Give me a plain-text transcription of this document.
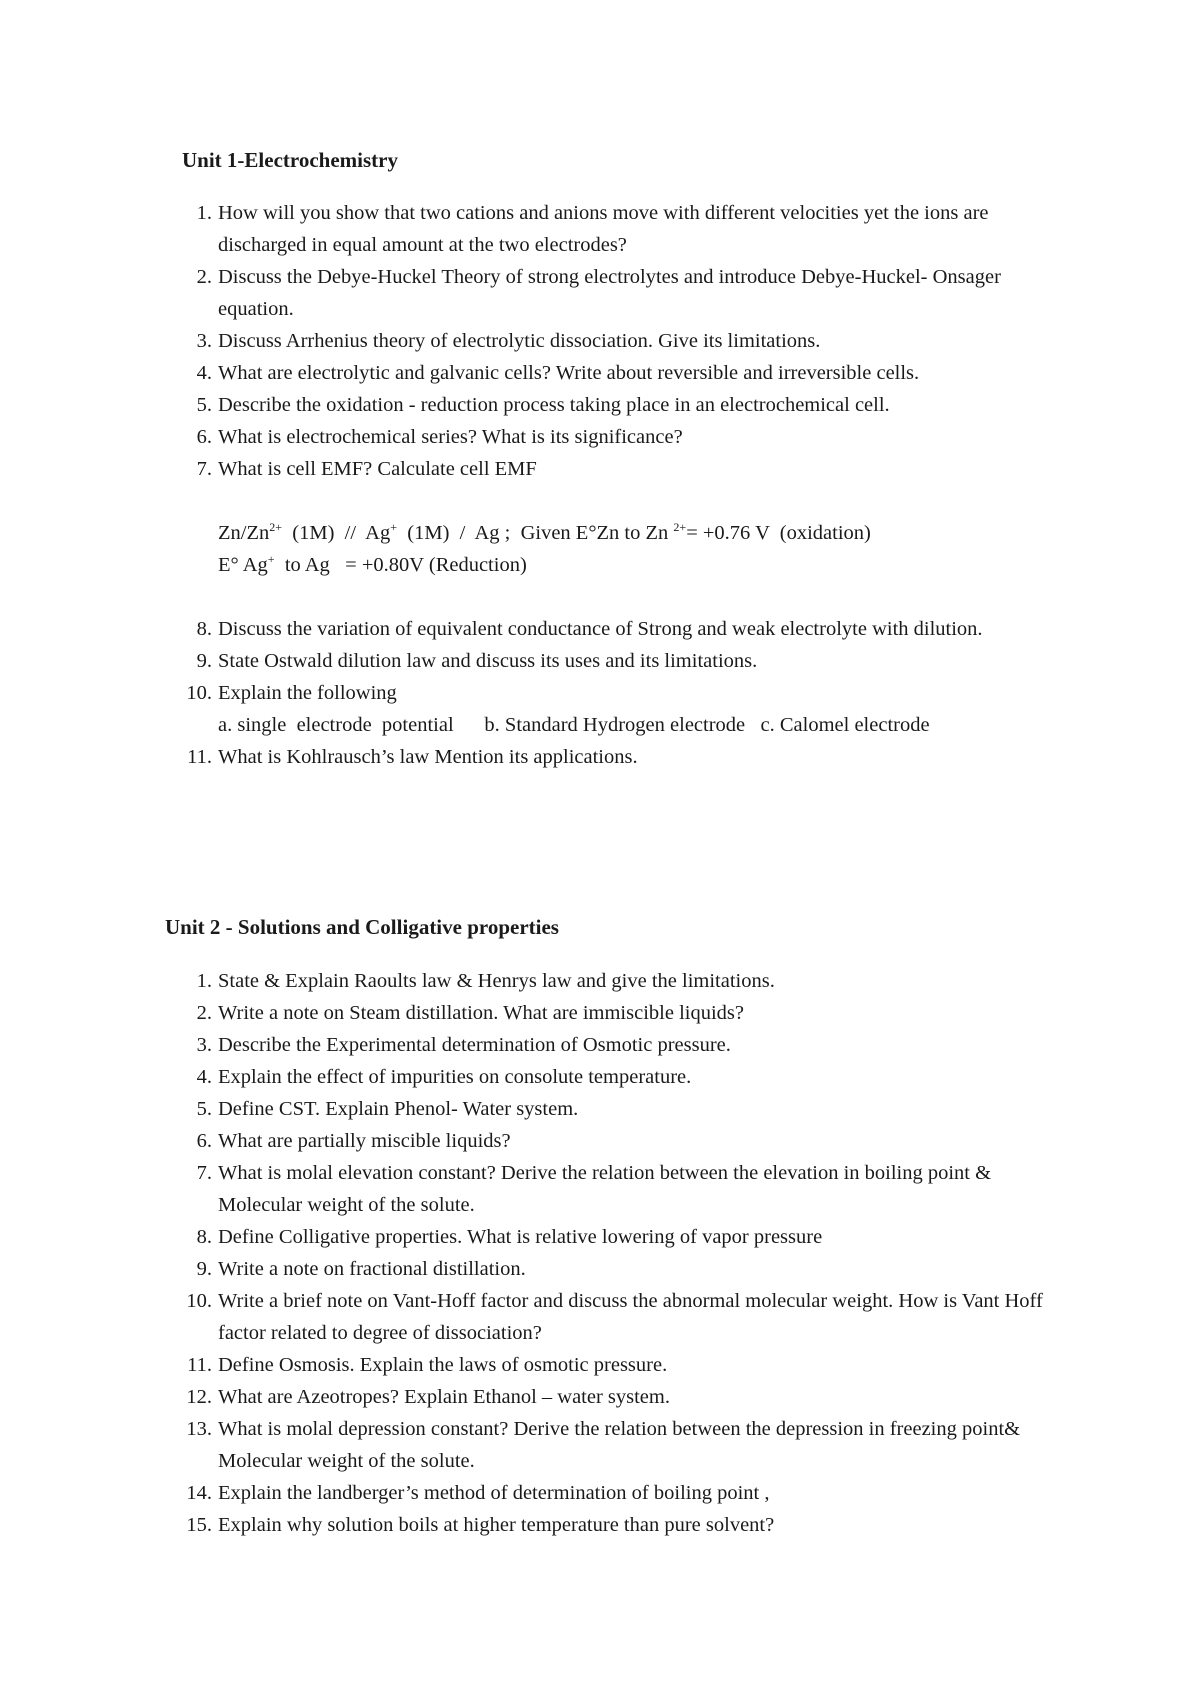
Unit 1-Electrochemistry
1. How will you show that two cations and anions move with different velocities yet the ions are discharged in equal amount at the two electrodes?
2. Discuss the Debye-Huckel Theory of strong electrolytes and introduce Debye-Huckel- Onsager equation.
3. Discuss Arrhenius theory of electrolytic dissociation. Give its limitations.
4. What are electrolytic and galvanic cells? Write about reversible and irreversible cells.
5. Describe the oxidation - reduction process taking place in an electrochemical cell.
6. What is electrochemical series? What is its significance?
7. What is cell EMF? Calculate cell EMF
$Zn/Zn^{2+}$  (1M)  //  Ag+  (1M)  /  Ag ;  Given E°Zn to Zn $^{2+}$= +0.76 V  (oxidation)
E° Ag+  to Ag   = +0.80V (Reduction)
8. Discuss the variation of equivalent conductance of Strong and weak electrolyte with dilution.
9. State Ostwald dilution law and discuss its uses and its limitations.
10. Explain the following
a. single  electrode  potential b. Standard Hydrogen electrode c. Calomel electrode
11. What is Kohlrausch’s law Mention its applications.
Unit 2 - Solutions and Colligative properties
1. State & Explain Raoults law & Henrys law and give the limitations.
2. Write a note on Steam distillation. What are immiscible liquids?
3. Describe the Experimental determination of Osmotic pressure.
4. Explain the effect of impurities on consolute temperature.
5. Define CST. Explain Phenol- Water system.
6. What are partially miscible liquids?
7. What is molal elevation constant? Derive the relation between the elevation in boiling point & Molecular weight of the solute.
8. Define Colligative properties. What is relative lowering of vapor pressure
9. Write a note on fractional distillation.
10. Write a brief note on Vant-Hoff factor and discuss the abnormal molecular weight. How is Vant Hoff factor related to degree of dissociation?
11. Define Osmosis. Explain the laws of osmotic pressure.
12. What are Azeotropes? Explain Ethanol – water system.
13. What is molal depression constant? Derive the relation between the depression in freezing point& Molecular weight of the solute.
14. Explain the landberger’s method of determination of boiling point ,
15. Explain why solution boils at higher temperature than pure solvent?
